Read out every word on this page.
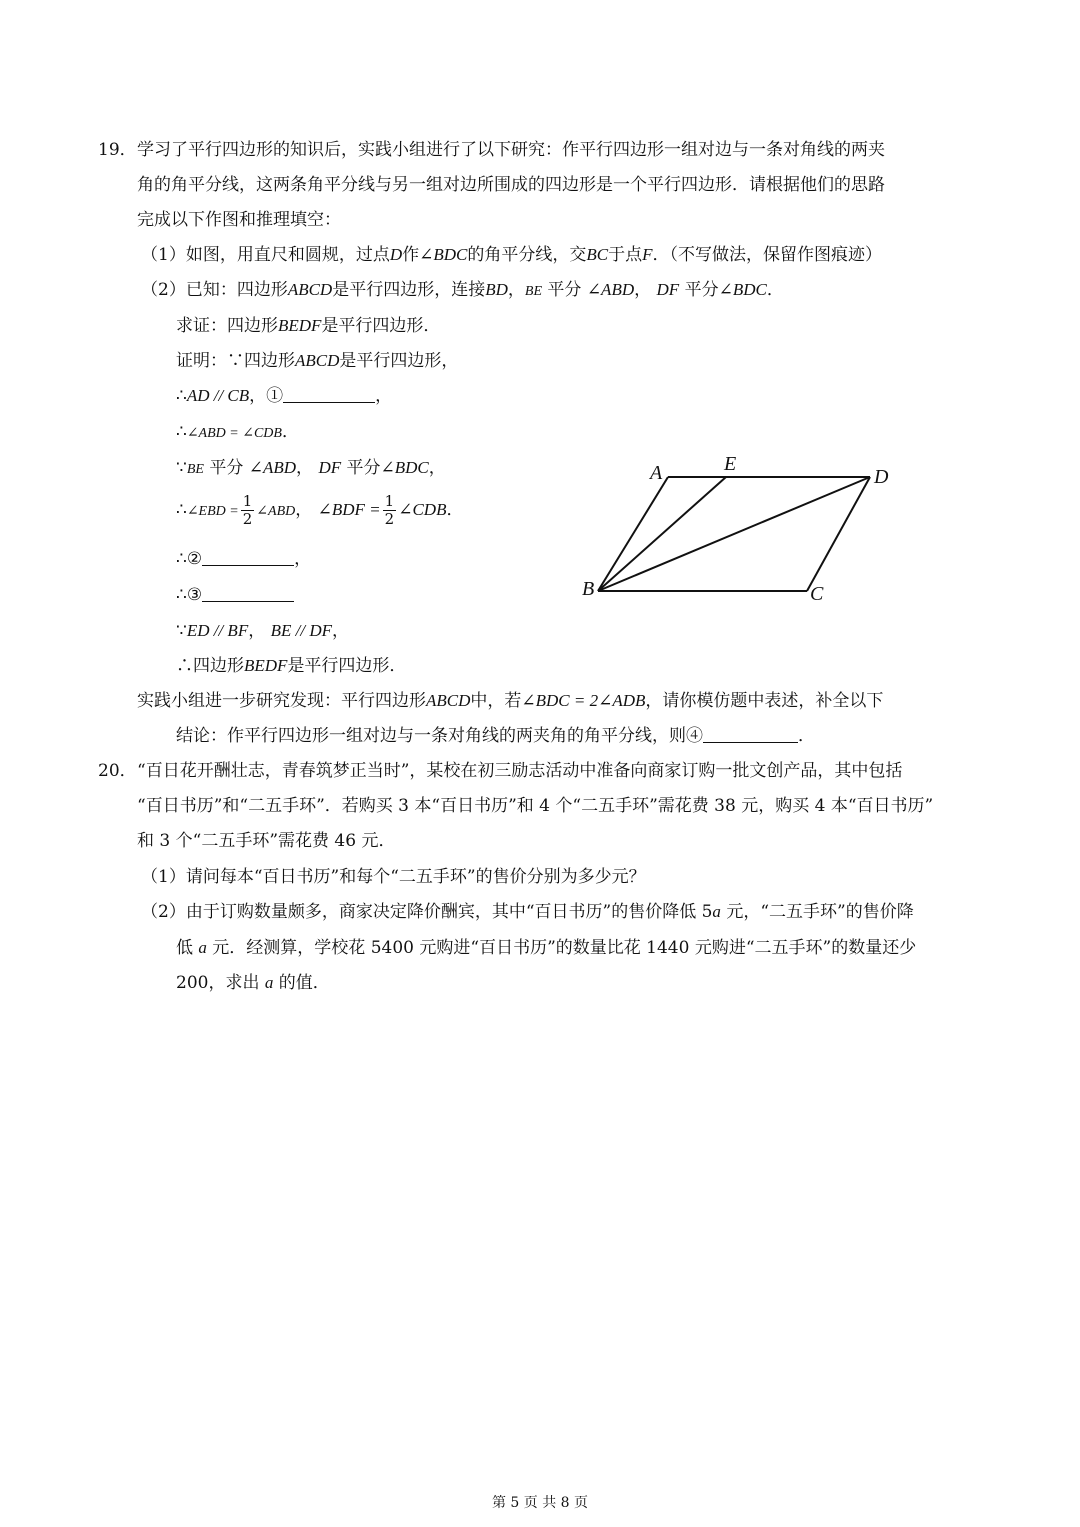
19． 学习了平行四边形的知识后，实践小组进行了以下研究：作平行四边形一组对边与一条对角线的两夹
角的角平分线，这两条角平分线与另一组对边所围成的四边形是一个平行四边形．请根据他们的思路
完成以下作图和推理填空：
（1）如图，用直尺和圆规，过点D作∠BDC的角平分线，交BC于点F．（不写做法，保留作图痕迹）
（2）已知：四边形ABCD是平行四边形，连接BD，BE 平分 ∠ABD， DF 平分∠BDC．
求证：四边形BEDF是平行四边形．
证明：∵四边形ABCD是平行四边形，
∴AD // CB，①	，
∴∠ABD = ∠CDB．
∵BE 平分 ∠ABD， DF 平分∠BDC，
∴∠EBD = $\frac{1}{2}$ ∠ABD， ∠BDF = $\frac{1}{2}$ ∠CDB．
∴②	，
∴③
∵ED // BF， BE // DF，
∴四边形BEDF是平行四边形．
实践小组进一步研究发现：平行四边形ABCD中，若∠BDC = 2∠ADB，请你模仿题中表述，补全以下
结论：作平行四边形一组对边与一条对角线的两夹角的角平分线，则④	．
A	E
D
B	C
20． “百日花开酬壮志，青春筑梦正当时”，某校在初三励志活动中准备向商家订购一批文创产品，其中包括
“百日书历”和“二五手环”．若购买 3 本“百日书历”和 4 个“二五手环”需花费 38 元，购买 4 本“百日书历”
和 3 个“二五手环”需花费 46 元．
（1）请问每本“百日书历”和每个“二五手环”的售价分别为多少元？
（2）由于订购数量颇多，商家决定降价酬宾，其中“百日书历”的售价降低 5a 元，“二五手环”的售价降
低 a 元．经测算，学校花 5400 元购进“百日书历”的数量比花 1440 元购进“二五手环”的数量还少
200，求出 a 的值．
第 5 页 共 8 页
